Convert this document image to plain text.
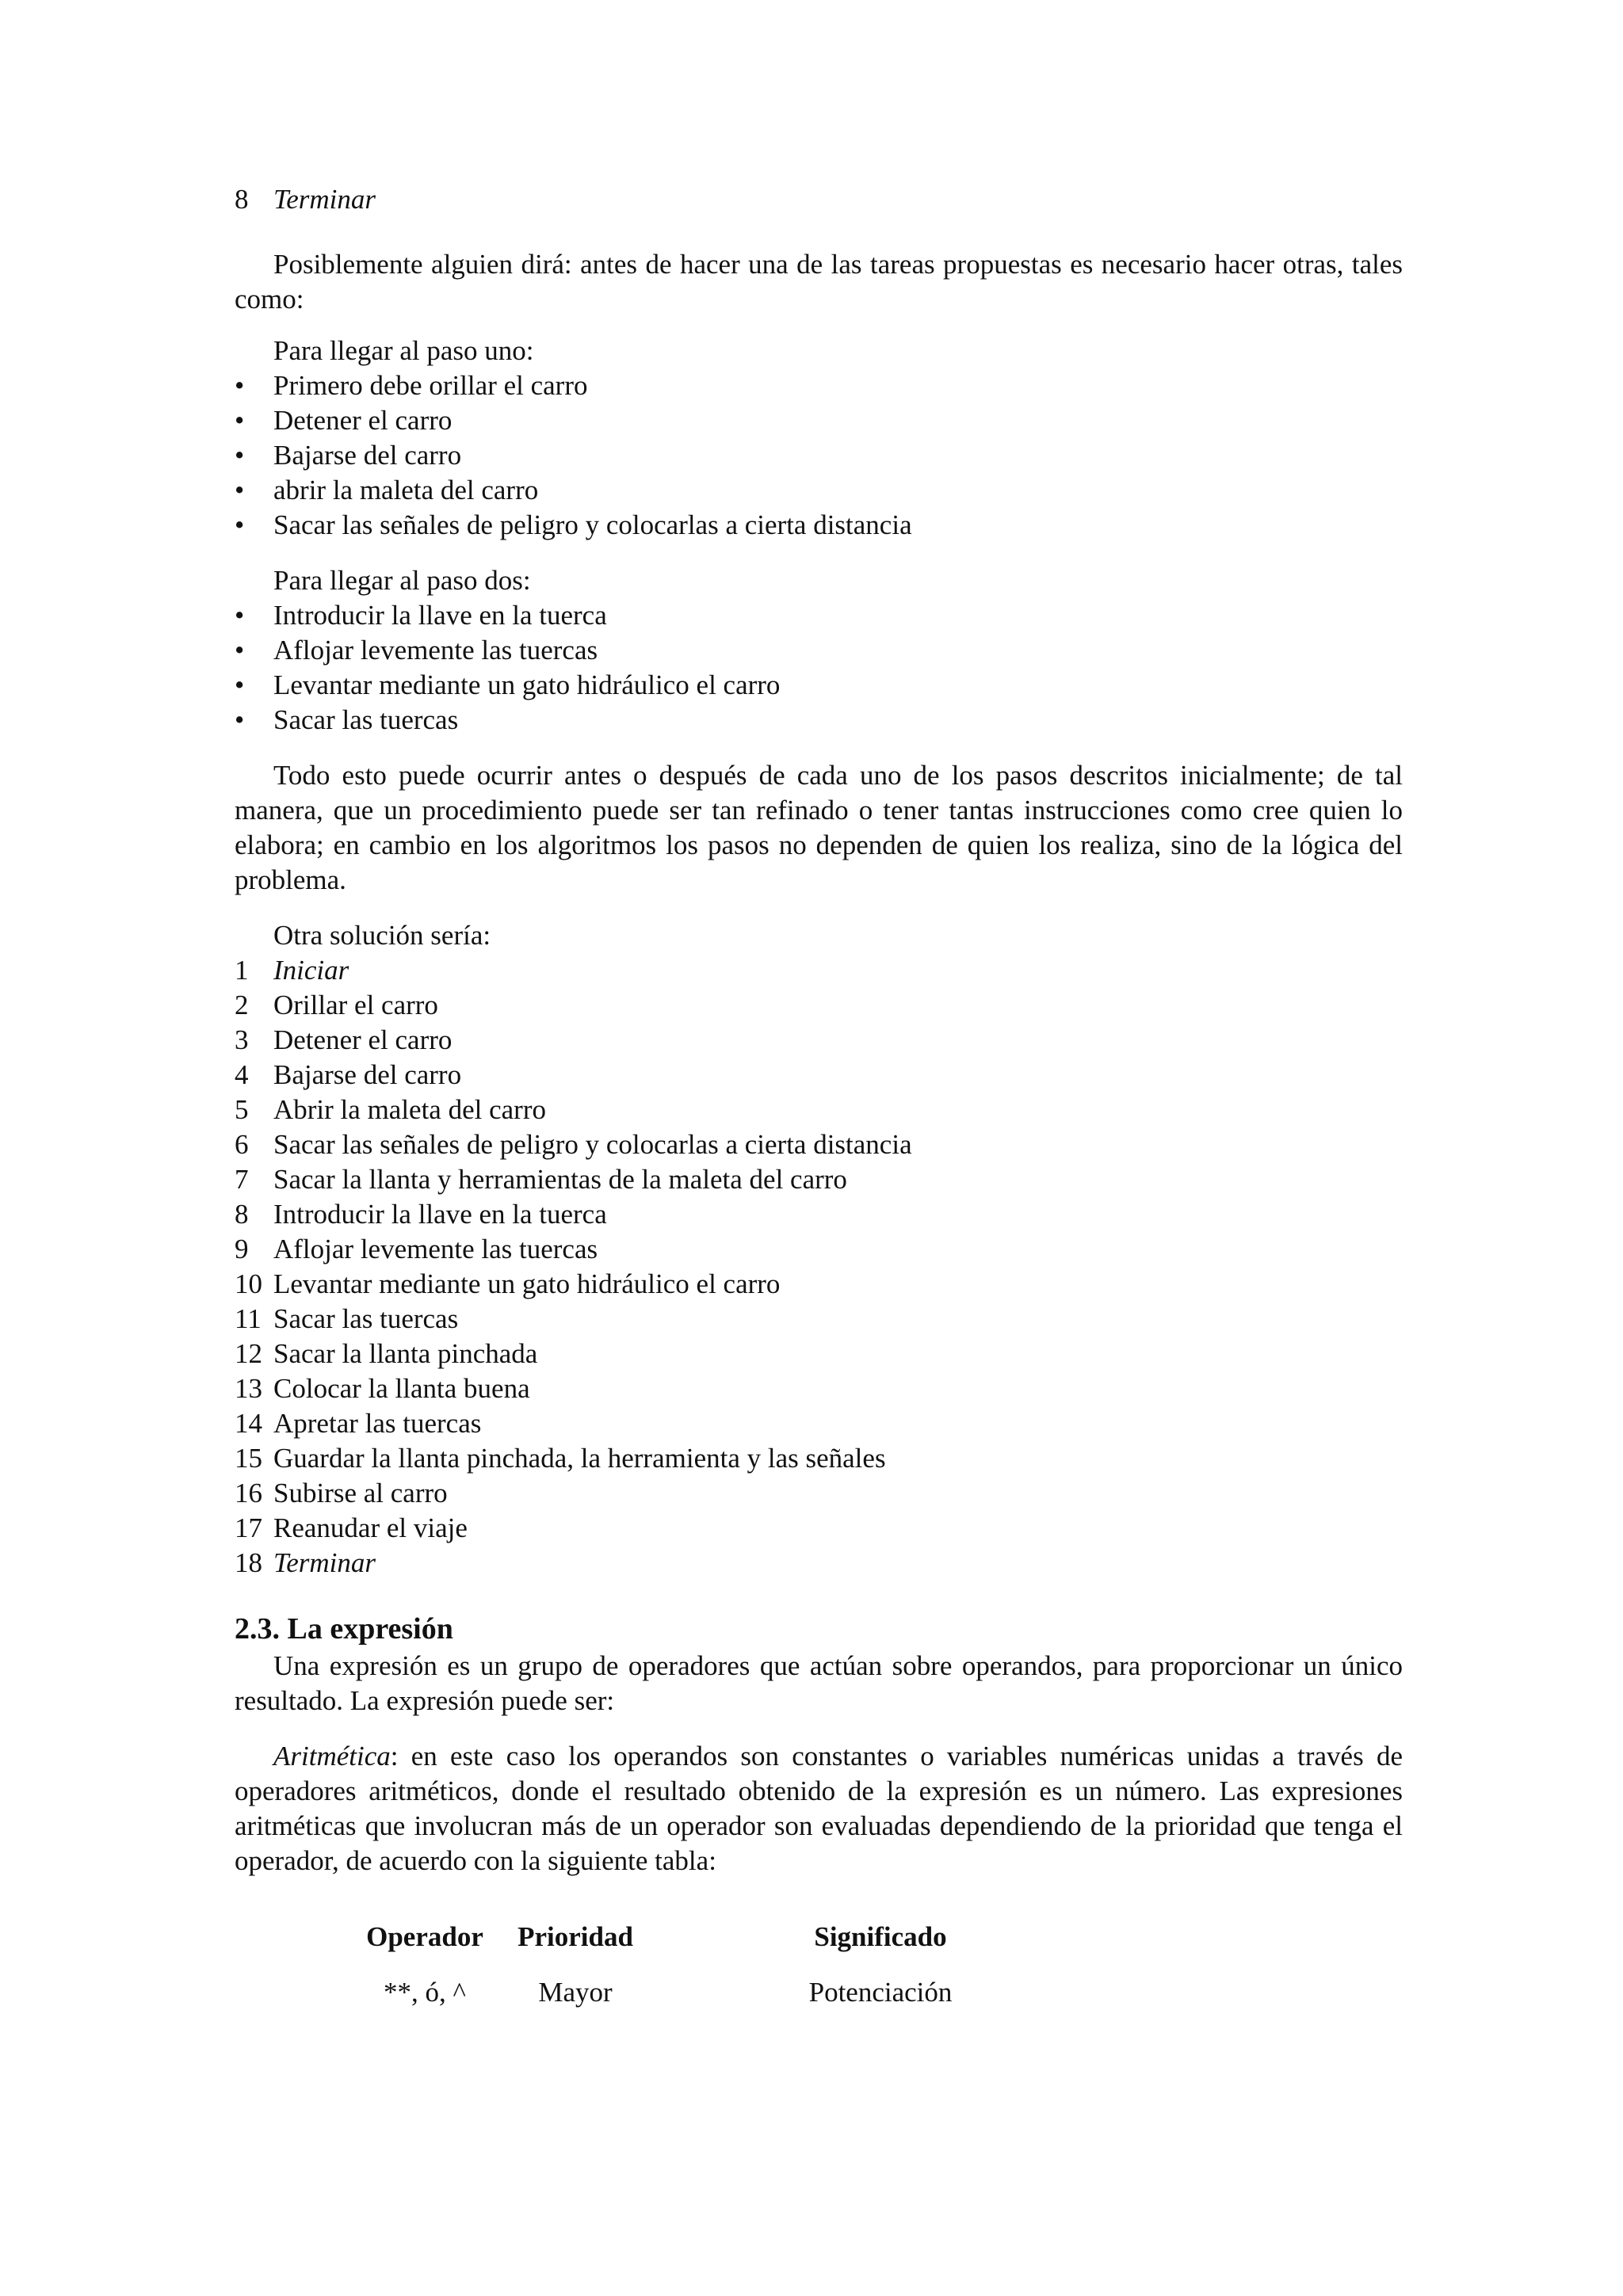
8 Terminar
Posiblemente alguien dirá: antes de hacer una de las tareas propuestas es necesario hacer otras, tales como:
Para llegar al paso uno:
• Primero debe orillar el carro
• Detener el carro
• Bajarse del carro
• abrir la maleta del carro
• Sacar las señales de peligro y colocarlas a cierta distancia
Para llegar al paso dos:
• Introducir la llave en la tuerca
• Aflojar levemente las tuercas
• Levantar mediante un gato hidráulico el carro
• Sacar las tuercas
Todo esto puede ocurrir antes o después de cada uno de los pasos descritos inicialmente; de tal manera, que un procedimiento puede ser tan refinado o tener tantas instrucciones como cree quien lo elabora; en cambio en los algoritmos los pasos no dependen de quien los realiza, sino de la lógica del problema.
Otra solución sería:
1 Iniciar
2 Orillar el carro
3 Detener el carro
4 Bajarse del carro
5 Abrir la maleta del carro
6 Sacar las señales de peligro y colocarlas a cierta distancia
7 Sacar la llanta y herramientas de la maleta del carro
8 Introducir la llave en la tuerca
9 Aflojar levemente las tuercas
10 Levantar mediante un gato hidráulico el carro
11 Sacar las tuercas
12 Sacar la llanta pinchada
13 Colocar la llanta buena
14 Apretar las tuercas
15 Guardar la llanta pinchada, la herramienta y las señales
16 Subirse al carro
17 Reanudar el viaje
18 Terminar
2.3. La expresión
Una expresión es un grupo de operadores que actúan sobre operandos, para proporcionar un único resultado. La expresión puede ser:
Aritmética: en este caso los operandos son constantes o variables numéricas unidas a través de operadores aritméticos, donde el resultado obtenido de la expresión es un número. Las expresiones aritméticas que involucran más de un operador son evaluadas dependiendo de la prioridad que tenga el operador, de acuerdo con la siguiente tabla:
Operador Prioridad	Significado
**, ó, ^	Mayor	Potenciación
